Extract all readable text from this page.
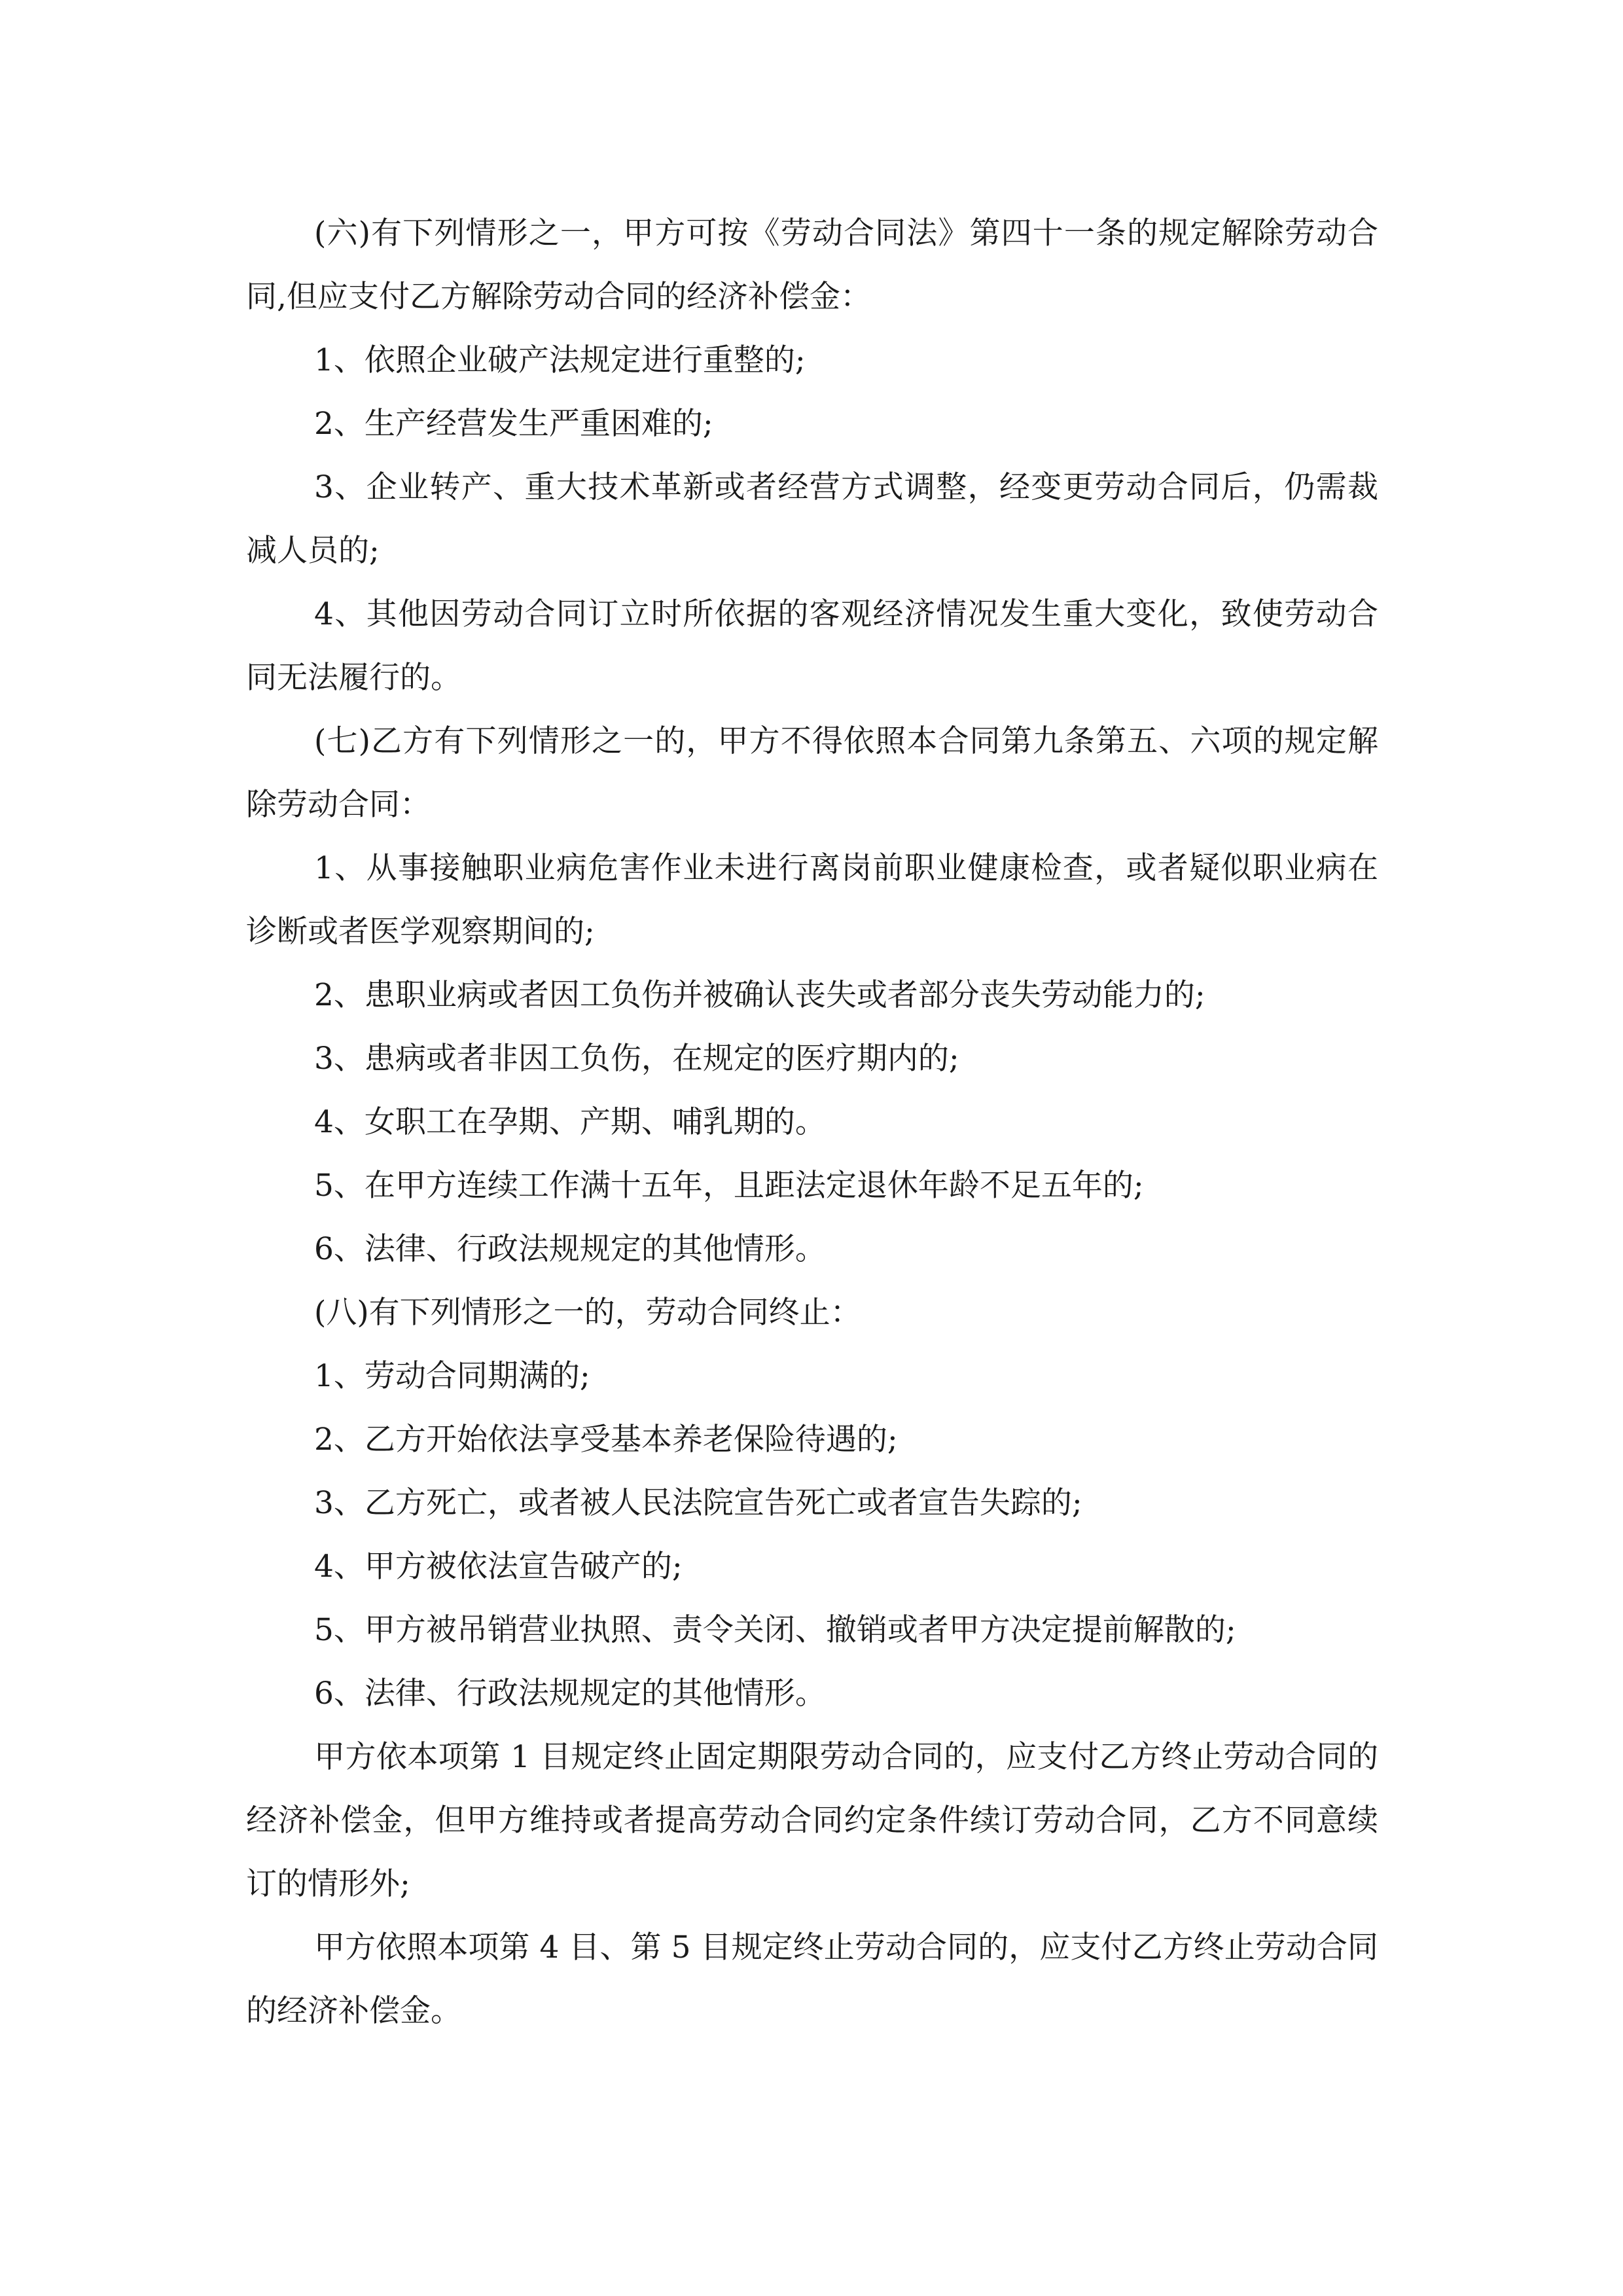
(六)有下列情形之一，甲方可按《劳动合同法》第四十一条的规定解除劳动合同,但应支付乙方解除劳动合同的经济补偿金：

1、依照企业破产法规定进行重整的;

2、生产经营发生严重困难的;

3、企业转产、重大技术革新或者经营方式调整，经变更劳动合同后，仍需裁减人员的;

4、其他因劳动合同订立时所依据的客观经济情况发生重大变化，致使劳动合同无法履行的。

(七)乙方有下列情形之一的，甲方不得依照本合同第九条第五、六项的规定解除劳动合同：

1、从事接触职业病危害作业未进行离岗前职业健康检查，或者疑似职业病在诊断或者医学观察期间的;

2、患职业病或者因工负伤并被确认丧失或者部分丧失劳动能力的;

3、患病或者非因工负伤，在规定的医疗期内的;

4、女职工在孕期、产期、哺乳期的。

5、在甲方连续工作满十五年，且距法定退休年龄不足五年的;

6、法律、行政法规规定的其他情形。

(八)有下列情形之一的，劳动合同终止：

1、劳动合同期满的;

2、乙方开始依法享受基本养老保险待遇的;

3、乙方死亡，或者被人民法院宣告死亡或者宣告失踪的;

4、甲方被依法宣告破产的;

5、甲方被吊销营业执照、责令关闭、撤销或者甲方决定提前解散的;

6、法律、行政法规规定的其他情形。

甲方依本项第 1 目规定终止固定期限劳动合同的，应支付乙方终止劳动合同的经济补偿金，但甲方维持或者提高劳动合同约定条件续订劳动合同，乙方不同意续订的情形外;

甲方依照本项第 4 目、第 5 目规定终止劳动合同的，应支付乙方终止劳动合同的经济补偿金。
